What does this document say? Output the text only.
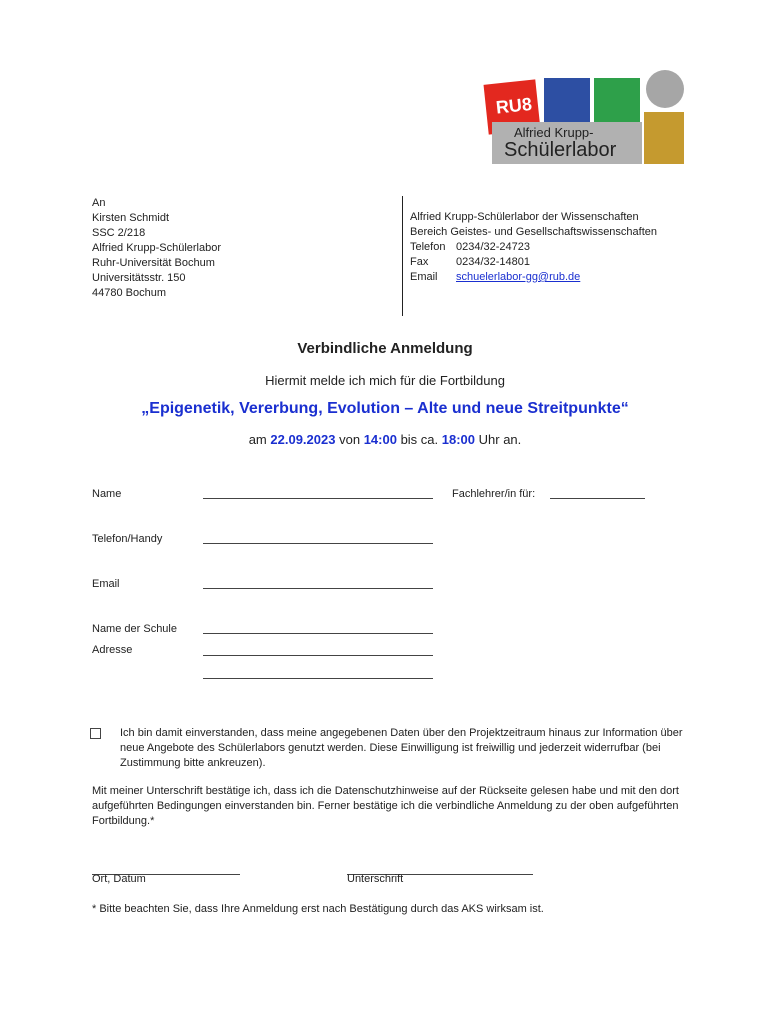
RU8
Alfried Krupp-
Schülerlabor
An
Kirsten Schmidt
SSC 2/218
Alfried Krupp-Schülerlabor
Ruhr-Universität Bochum
Universitätsstr. 150
44780 Bochum
Alfried Krupp-Schülerlabor der Wissenschaften
Bereich Geistes- und Gesellschaftswissenschaften
Telefon 0234/32-24723
Fax	0234/32-14801
Email	schuelerlabor-gg@rub.de
Verbindliche Anmeldung
Hiermit melde ich mich für die Fortbildung
„Epigenetik, Vererbung, Evolution – Alte und neue Streitpunkte“
am 22.09.2023 von 14:00 bis ca. 18:00 Uhr an.
Name	Fachlehrer/in für:
Telefon/Handy
Email
Name der Schule
Adresse
Ich bin damit einverstanden, dass meine angegebenen Daten über den Projektzeitraum hinaus zur Information über neue Angebote des Schülerlabors genutzt werden. Diese Einwilligung ist freiwillig und jederzeit widerrufbar (bei Zustimmung bitte ankreuzen).
Mit meiner Unterschrift bestätige ich, dass ich die Datenschutzhinweise auf der Rückseite gelesen habe und mit den dort aufgeführten Bedingungen einverstanden bin. Ferner bestätige ich die verbindliche Anmeldung zu der oben aufgeführten Fortbildung.*
Ort, Datum	Unterschrift
* Bitte beachten Sie, dass Ihre Anmeldung erst nach Bestätigung durch das AKS wirksam ist.
